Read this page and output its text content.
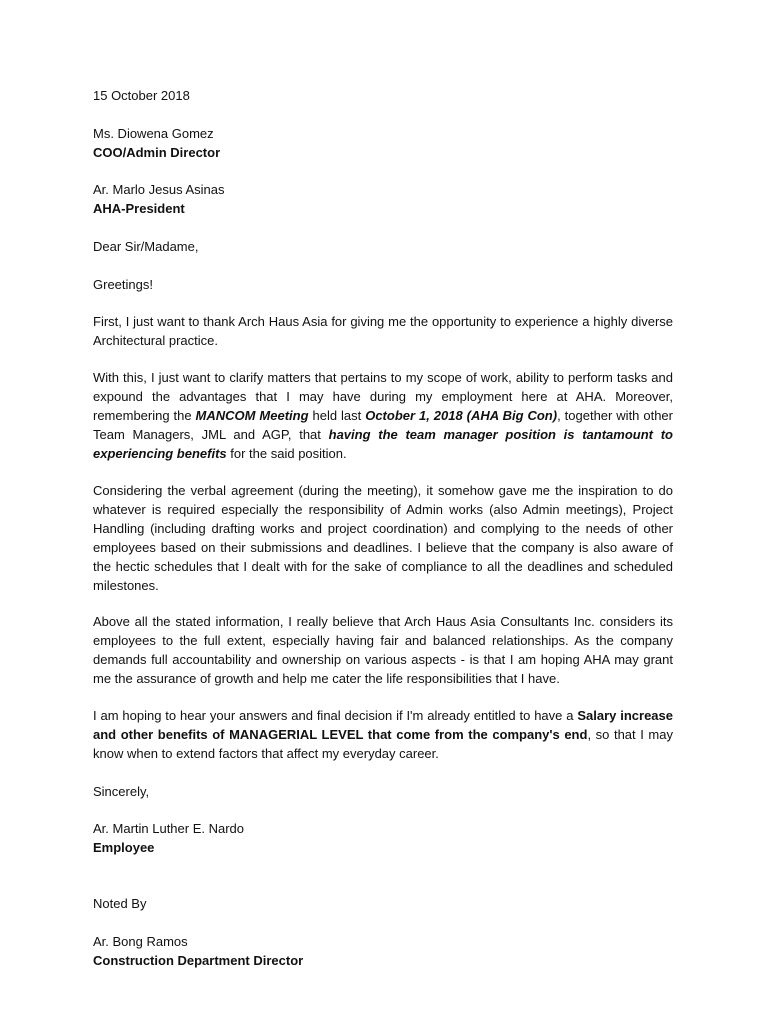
15 October 2018

Ms. Diowena Gomez

COO/Admin Director

Ar. Marlo Jesus Asinas

AHA-President

Dear Sir/Madame,

Greetings!

First, I just want to thank Arch Haus Asia for giving me the opportunity to experience a highly diverse Architectural practice.

With this, I just want to clarify matters that pertains to my scope of work, ability to perform tasks and expound the advantages that I may have during my employment here at AHA. Moreover, remembering the MANCOM Meeting held last October 1, 2018 (AHA Big Con), together with other Team Managers, JML and AGP, that having the team manager position is tantamount to experiencing benefits for the said position.

Considering the verbal agreement (during the meeting), it somehow gave me the inspiration to do whatever is required especially the responsibility of Admin works (also Admin meetings), Project Handling (including drafting works and project coordination) and complying to the needs of other employees based on their submissions and deadlines. I believe that the company is also aware of the hectic schedules that I dealt with for the sake of compliance to all the deadlines and scheduled milestones.

Above all the stated information, I really believe that Arch Haus Asia Consultants Inc. considers its employees to the full extent, especially having fair and balanced relationships. As the company demands full accountability and ownership on various aspects - is that I am hoping AHA may grant me the assurance of growth and help me cater the life responsibilities that I have.

I am hoping to hear your answers and final decision if I'm already entitled to have a Salary increase and other benefits of MANAGERIAL LEVEL that come from the company's end, so that I may know when to extend factors that affect my everyday career.

Sincerely,

Ar. Martin Luther E. Nardo

Employee

Noted By

Ar. Bong Ramos

Construction Department Director
